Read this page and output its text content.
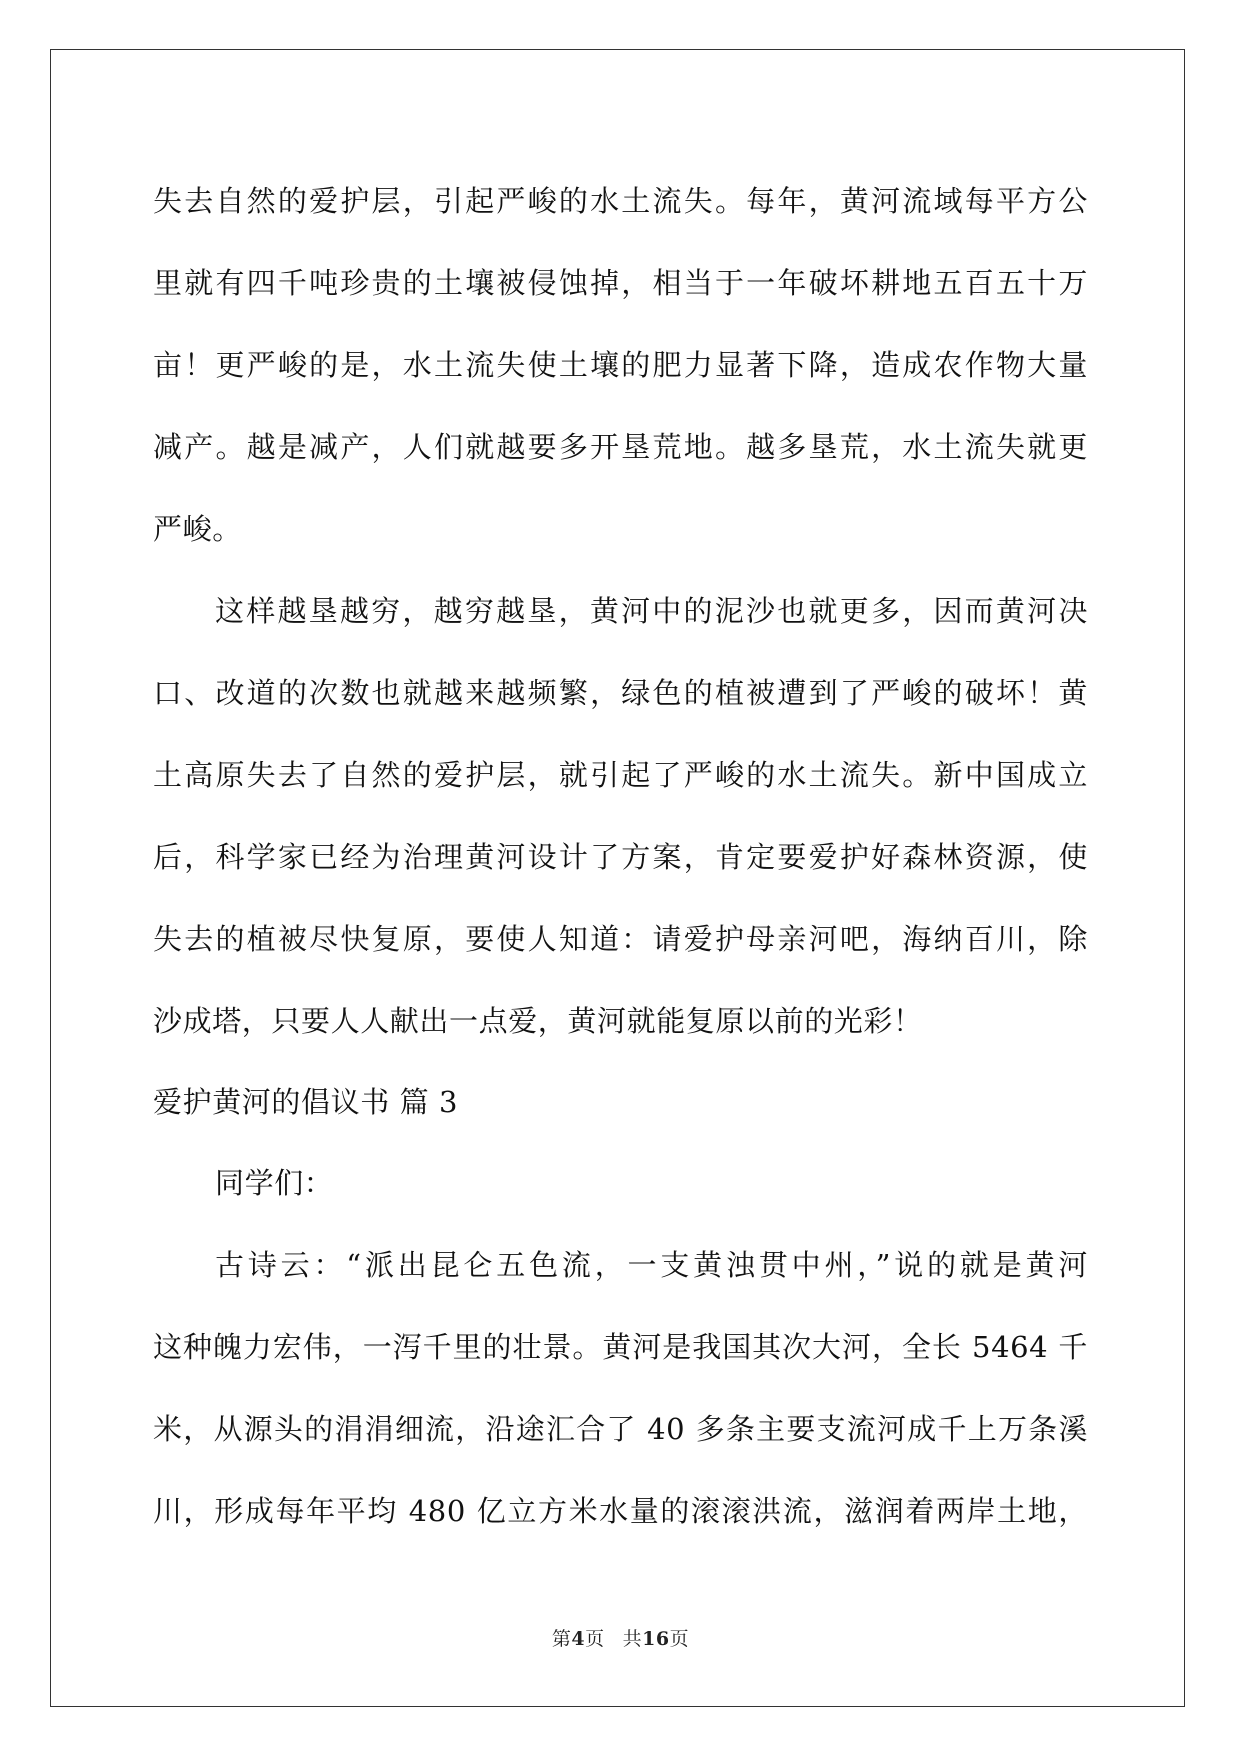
失去自然的爱护层，引起严峻的水土流失。每年，黄河流域每平方公
里就有四千吨珍贵的土壤被侵蚀掉，相当于一年破坏耕地五百五十万
亩！更严峻的是，水土流失使土壤的肥力显著下降，造成农作物大量
减产。越是减产，人们就越要多开垦荒地。越多垦荒，水土流失就更
严峻。
这样越垦越穷，越穷越垦，黄河中的泥沙也就更多，因而黄河决
口、改道的次数也就越来越频繁，绿色的植被遭到了严峻的破坏！黄
土高原失去了自然的爱护层，就引起了严峻的水土流失。新中国成立
后，科学家已经为治理黄河设计了方案，肯定要爱护好森林资源，使
失去的植被尽快复原，要使人知道：请爱护母亲河吧，海纳百川，除
沙成塔，只要人人献出一点爱，黄河就能复原以前的光彩！
爱护黄河的倡议书 篇 3
同学们：
古诗云：“派出昆仑五色流，一支黄浊贯中州，”说的就是黄河
这种魄力宏伟，一泻千里的壮景。黄河是我国其次大河，全长 5464 千
米，从源头的涓涓细流，沿途汇合了 40 多条主要支流河成千上万条溪
川，形成每年平均 480 亿立方米水量的滚滚洪流，滋润着两岸土地，
第4页 共16页
